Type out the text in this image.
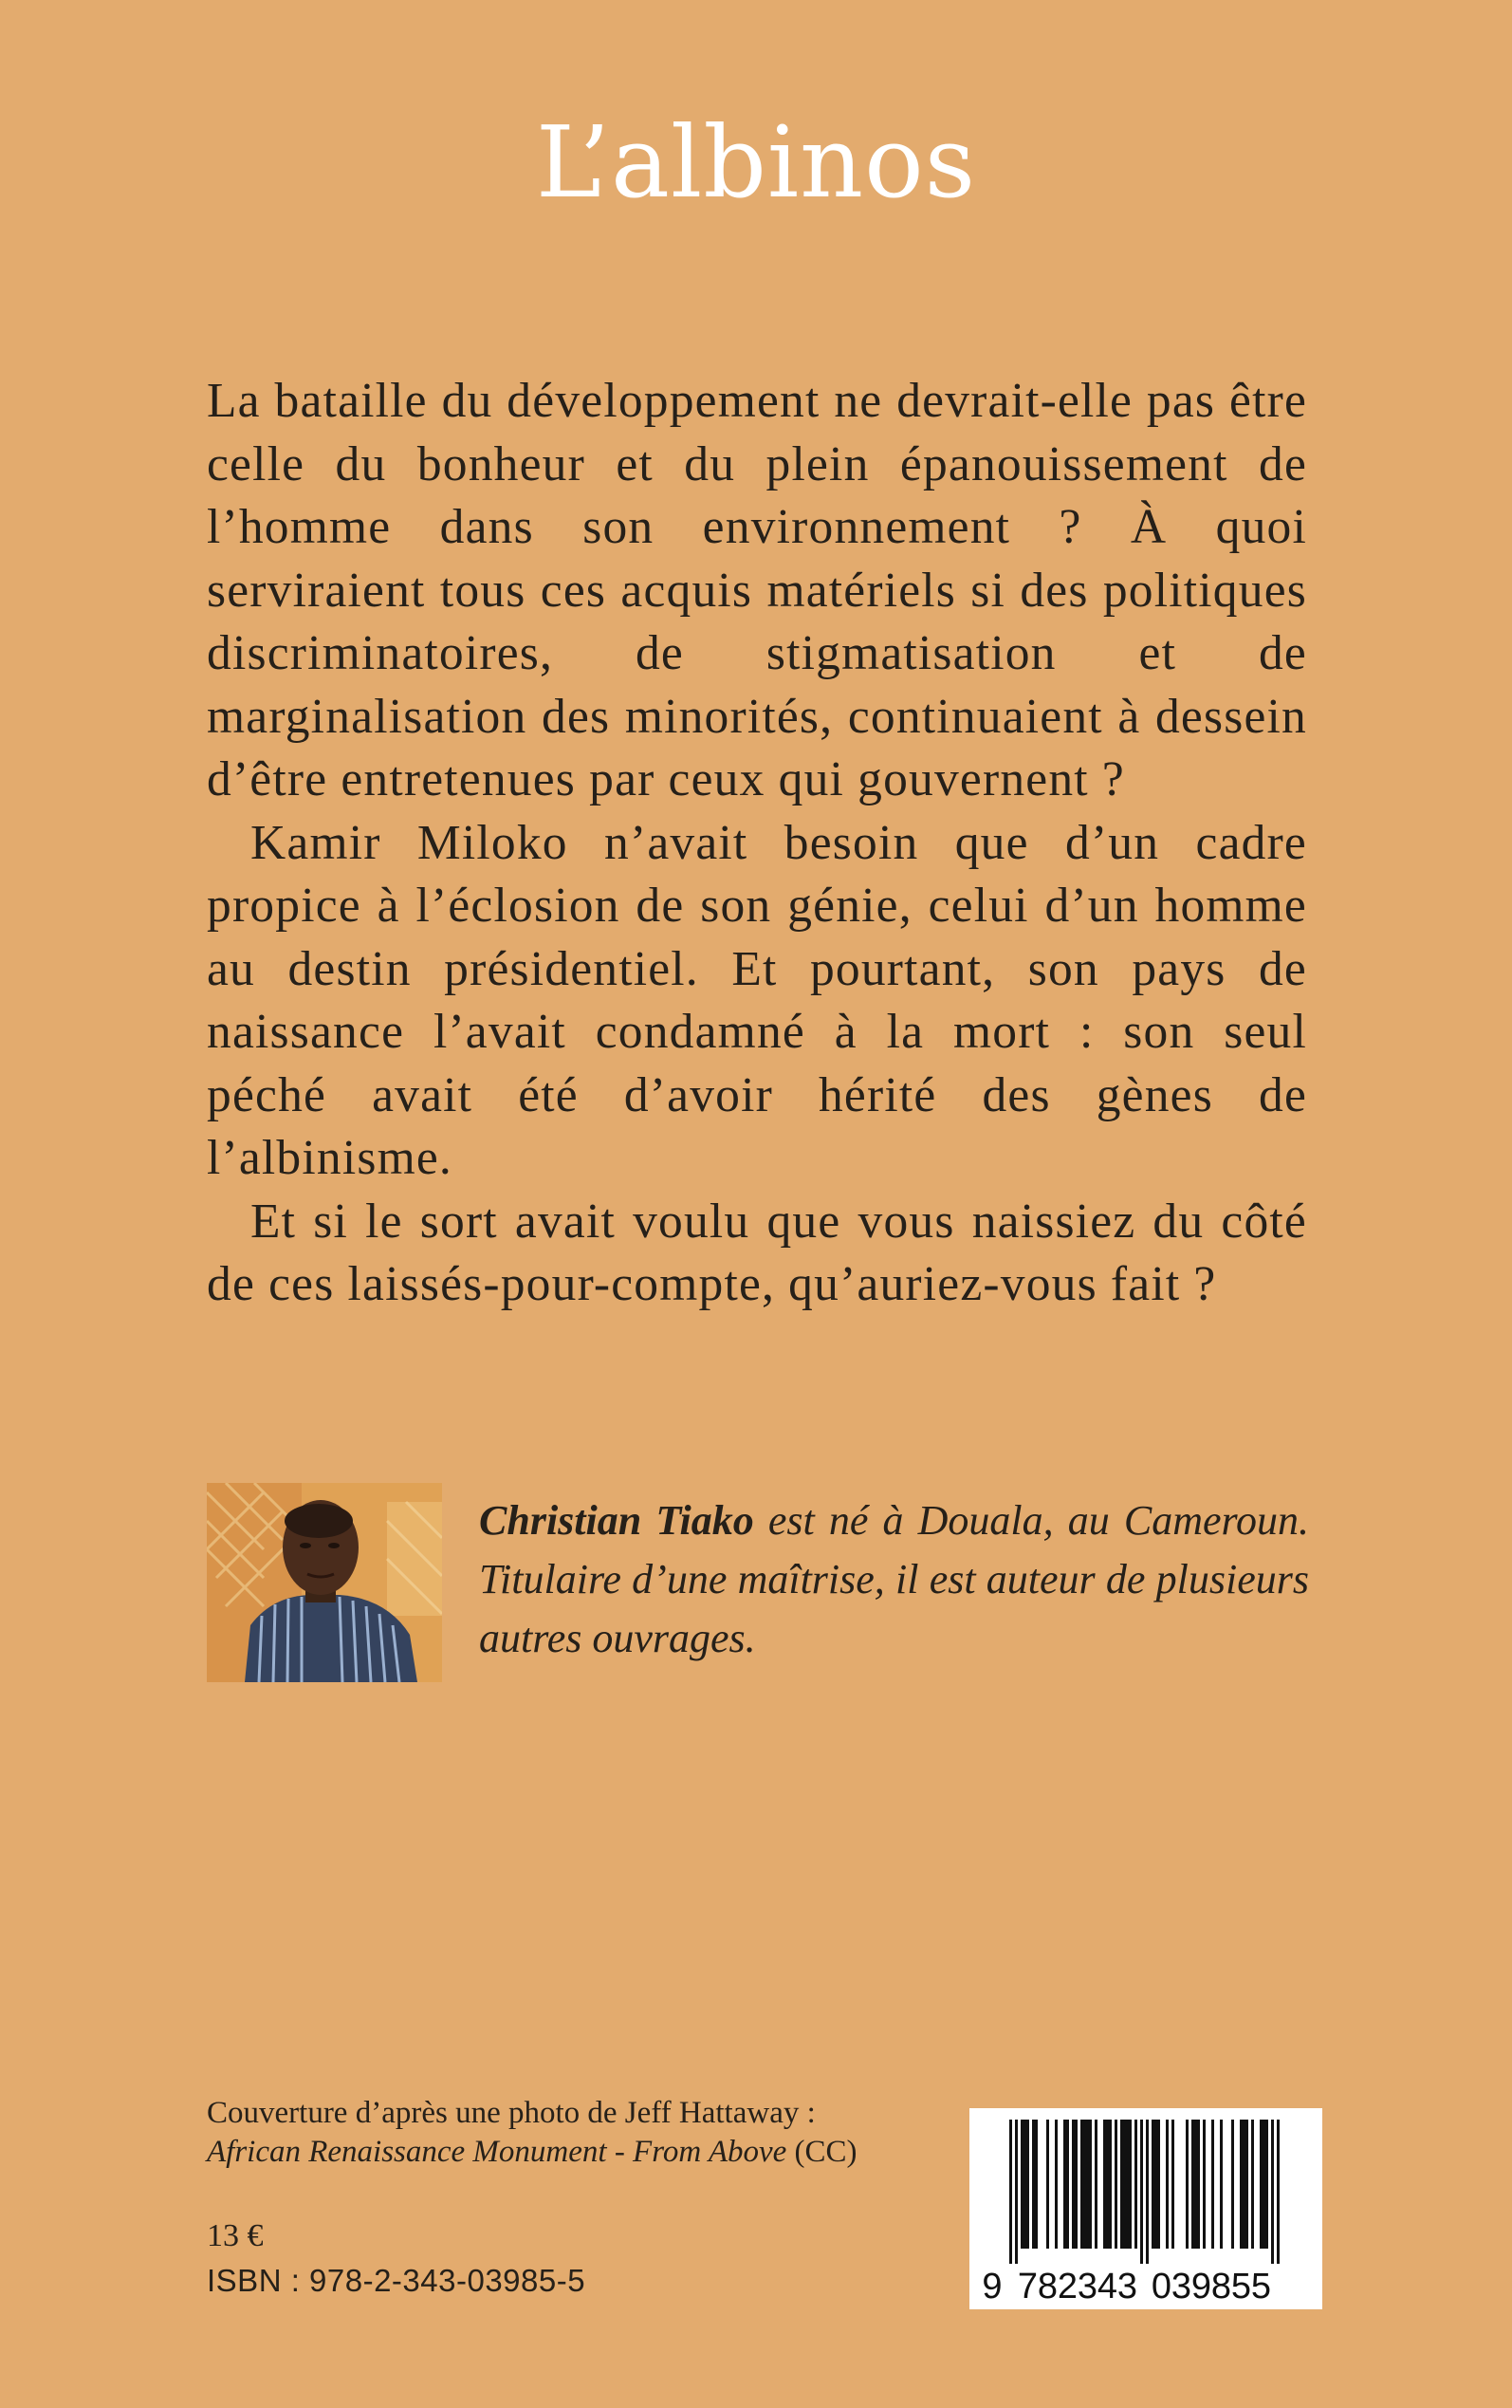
L’albinos

La bataille du développement ne devrait-elle pas être celle du bonheur et du plein épanouissement de l’homme dans son environnement ? À quoi serviraient tous ces acquis matériels si des politiques discriminatoires, de stigmatisation et de marginalisation des minorités, continuaient à dessein d’être entretenues par ceux qui gouvernent ?

Kamir Miloko n’avait besoin que d’un cadre propice à l’éclosion de son génie, celui d’un homme au destin présidentiel. Et pourtant, son pays de naissance l’avait condamné à la mort : son seul péché avait été d’avoir hérité des gènes de l’albinisme.

Et si le sort avait voulu que vous naissiez du côté de ces laissés-pour-compte, qu’auriez-vous fait ?

Christian Tiako est né à Douala, au Cameroun. Titulaire d’une maîtrise, il est auteur de plusieurs autres ouvrages.
Couverture d’après une photo de Jeff Hattaway :
African Renaissance Monument - From Above (CC)
13 €
ISBN : 978-2-343-03985-5	9 7 8 2 3 4 3 0 3 9 8 5 5
